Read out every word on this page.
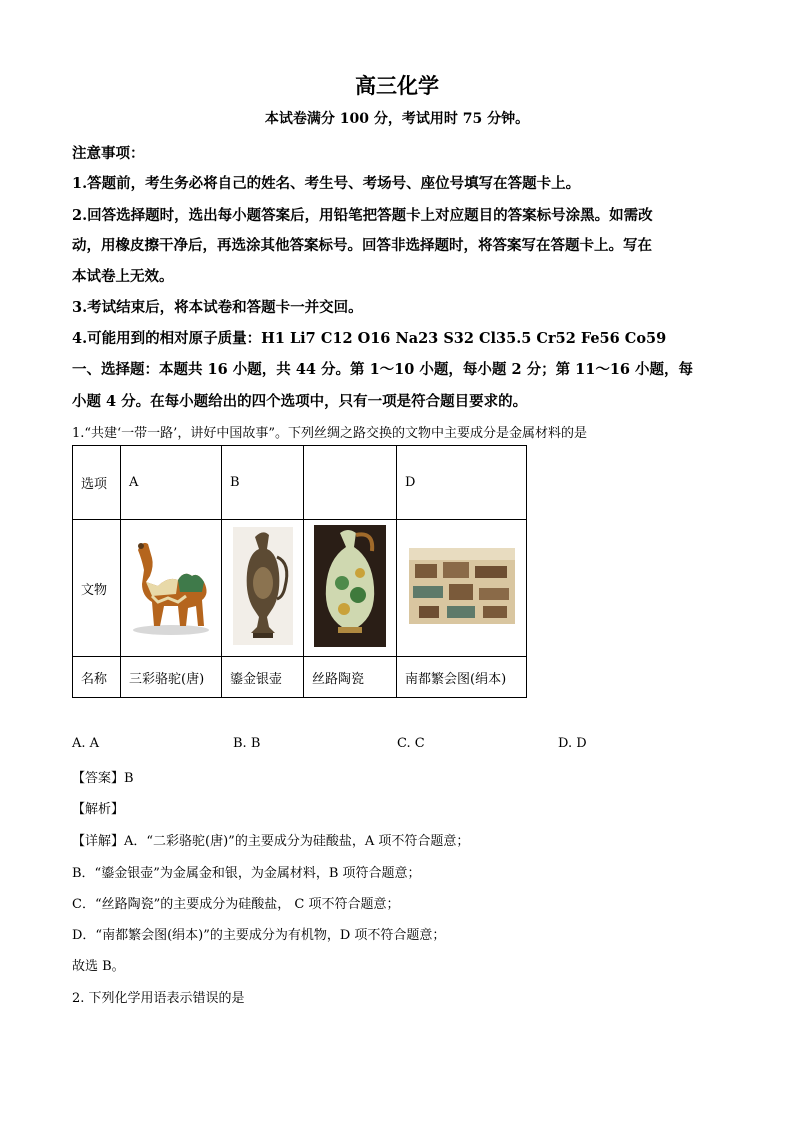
高三化学
本试卷满分 100 分，考试用时 75 分钟。
注意事项：
1.答题前，考生务必将自己的姓名、考生号、考场号、座位号填写在答题卡上。
2.回答选择题时，选出每小题答案后，用铅笔把答题卡上对应题目的答案标号涂黑。如需改
动，用橡皮擦干净后，再选涂其他答案标号。回答非选择题时，将答案写在答题卡上。写在
本试卷上无效。
3.考试结束后，将本试卷和答题卡一并交回。
4.可能用到的相对原子质量：H1 Li7 C12 O16 Na23 S32 Cl35.5 Cr52 Fe56 Co59
一、选择题：本题共 16 小题，共 44 分。第 1～10 小题，每小题 2 分；第 11～16 小题，每
小题 4 分。在每小题给出的四个选项中，只有一项是符合题目要求的。
1.“共建‘一带一路’，讲好中国故事”。下列丝绸之路交换的文物中主要成分是金属材料的是
选项	A	B		D
文物				
名称	三彩骆驼(唐)	鎏金银壶	丝路陶瓷	南都繁会图(绢本)
A. A	B. B	C. C	D. D
【答案】B
【解析】
【详解】A．“二彩骆驼(唐)”的主要成分为硅酸盐，A 项不符合题意；
B．“鎏金银壶”为金属金和银，为金属材料，B 项符合题意；
C．“丝路陶瓷”的主要成分为硅酸盐， C 项不符合题意；
D．“南都繁会图(绢本)”的主要成分为有机物，D 项不符合题意；
故选 B。
2. 下列化学用语表示错误的是
